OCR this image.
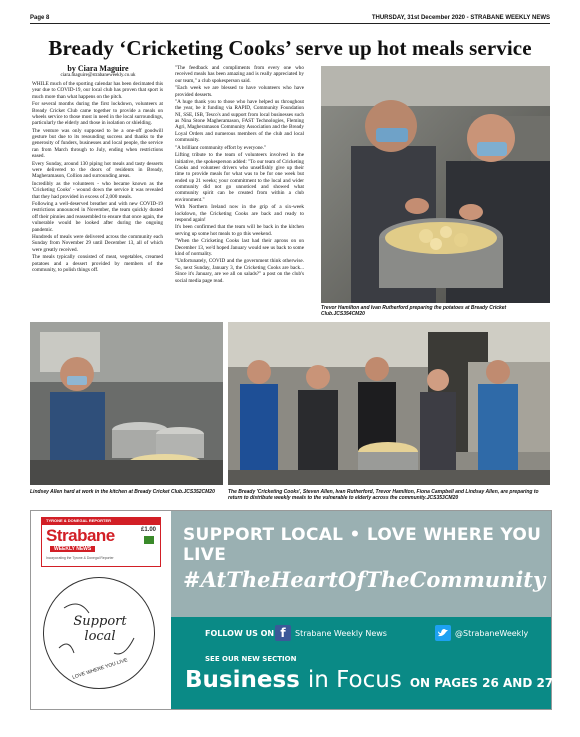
Page 8	THURSDAY, 31st December 2020 - STRABANE WEEKLY NEWS
Bready ‘Cricketing Cooks’ serve up hot meals service
by Ciara Maguire
ciara.maguire@strabaneweekly.co.uk

WHILE much of the sporting calendar has been decimated this year due to COVID-19, our local club has proven that sport is much more than what happens on the pitch.

For several months during the first lockdown, volunteers at Bready Cricket Club came together to provide a meals on wheels service to those most in need in the local surroundings, particularly the elderly and those in isolation or shielding.

The venture was only supposed to be a one-off goodwill gesture but due to its resounding success and thanks to the generosity of funders, businesses and local people, the service ran from March through to July, ending when restrictions eased.

Every Sunday, around 130 piping hot meals and tasty desserts were delivered to the doors of residents in Bready, Magheramason, Collion and surrounding areas.

Incredibly as the volunteers - who became known as the 'Cricketing Cooks' - wound down the service it was revealed that they had provided in excess of 2,000 meals.

Following a well-deserved breather and with new COVID-19 restrictions announced in November, the team quickly dusted off their pinnies and reassembled to ensure that once again, the vulnerable would be looked after during the ongoing pandemic.

Hundreds of meals were delivered across the community each Sunday from November 29 until December 13, all of which were greatly received.

The meals typically consisted of meat, vegetables, creamed potatoes and a dessert provided by members of the community, to polish things off.

"The feedback and compliments from every one who received meals has been amazing and is really appreciated by our team," a club spokesperson said.

"Each week we are blessed to have volunteers who have provided desserts.

"A huge thank you to those who have helped us throughout the year, be it funding via RAPID, Community Foundation NI, SSE, ISB, Tesco's and support from local businesses such as Nina Stone Magheramason, FAST Technologies, Fleming Agri, Magheramason Community Association and the Bready Loyal Orders and numerous members of the club and local community.

"A brilliant community effort by everyone."

Lifting tribute to the team of volunteers involved in the initiative, the spokesperson added: "To our team of Cricketing Cooks and volunteer drivers who unselfishly give up their time to provide meals for what was to be for one week but ended up 21 weeks; your commitment to the local and wider community did not go unnoticed and showed what community spirit can be created from within a club environment."

With Northern Ireland now in the grip of a six-week lockdown, the Cricketing Cooks are back and ready to respond again!

It's been confirmed that the team will be back in the kitchen serving up some hot meals to go this weekend.

"When the Cricketing Cooks last had their aprons on on December 13, we'd hoped January would see us back to some kind of normality.

"Unfortunately, COVID and the government think otherwise. So, next Sunday, January 3, the Cricketing Cooks are back... Since it's January, are we all on salads?" a post on the club's social media page read.

Trevor Hamilton and Ivan Rutherford preparing the potatoes at Bready Cricket Club.JCS354CM20
Lindsey Allen hard at work in the kitchen at Bready Cricket Club.JCS352CM20	The Bready 'Cricketing Cooks', Steven Allen, Ivan Rutherford, Trevor Hamilton, Fiona Campbell and Lindsay Allen, are preparing to return to distribute weekly meals to the vulnerable to elderly across the community.JCS353CM20
TYRONE & DONEGAL REPORTER
Strabane
WEEKLY NEWS
Incorporating the Tyrone & Donegal Reporter
£1.00
Support local
LOVE WHERE YOU LIVE
SUPPORT LOCAL • LOVE WHERE YOU LIVE
#AtTheHeartOfTheCommunity
FOLLOW US ON f	Strabane Weekly News	@StrabaneWeekly
SEE OUR NEW SECTION
Business in Focus ON PAGES 26 AND 27
